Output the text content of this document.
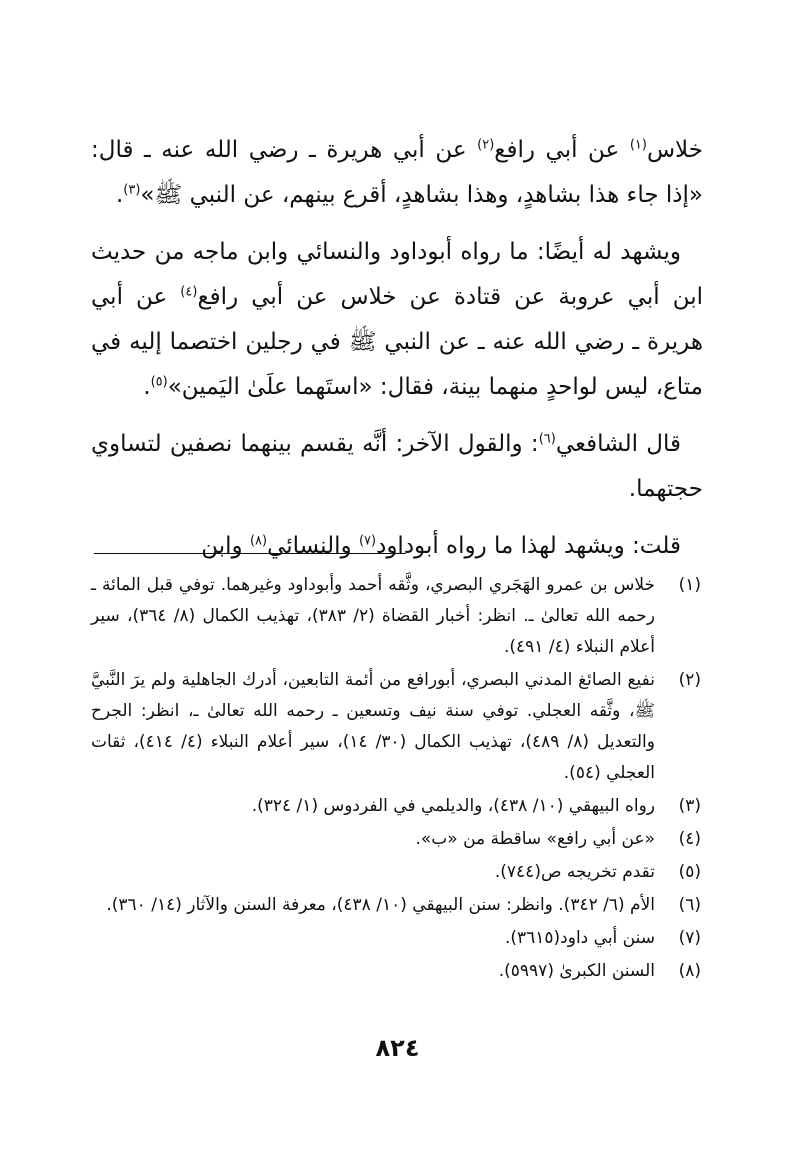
خلاس$^{(١)}$ عن أبي رافع$^{(٢)}$ عن أبي هريرة ـ رضي الله عنه ـ قال: «إذا جاء هذا بشاهدٍ، وهذا بشاهدٍ، أقرع بينهم، عن النبي ﷺ»$^{(٣)}$.

ويشهد له أيضًا: ما رواه أبوداود والنسائي وابن ماجه من حديث ابن أبي عروبة عن قتادة عن خلاس عن أبي رافع$^{(٤)}$ عن أبي هريرة ـ رضي الله عنه ـ عن النبي ﷺ في رجلين اختصما إليه في متاع، ليس لواحدٍ منهما بينة، فقال: «استَهما علَىٰ اليَمين»$^{(٥)}$.

قال الشافعي$^{(٦)}$: والقول الآخر: أنَّه يقسم بينهما نصفين لتساوي حجتهما.

قلت: ويشهد لهذا ما رواه أبوداود$^{(٧)}$ والنسائي$^{(٨)}$ وابن

(١)
خلاس بن عمرو الهَجَري البصري، وثَّقه أحمد وأبوداود وغيرهما. توفي قبل المائة ـ رحمه الله تعالىٰ ـ. انظر: أخبار القضاة (٢/ ٣٨٣)، تهذيب الكمال (٨/ ٣٦٤)، سير أعلام النبلاء (٤/ ٤٩١).
(٢)
نفيع الصائغ المدني البصري، أبورافع من أئمة التابعين، أدرك الجاهلية ولم يرَ النَّبيَّ ﷺ، وثَّقه العجلي. توفي سنة نيف وتسعين ـ رحمه الله تعالىٰ ـ، انظر: الجرح والتعديل (٨/ ٤٨٩)، تهذيب الكمال (٣٠/ ١٤)، سير أعلام النبلاء (٤/ ٤١٤)، ثقات العجلي (٥٤).
(٣)
رواه البيهقي (١٠/ ٤٣٨)، والديلمي في الفردوس (١/ ٣٢٤).
(٤)
«عن أبي رافع» ساقطة من «ب».
(٥)
تقدم تخريجه ص(٧٤٤).
(٦)
الأم (٦/ ٣٤٢). وانظر: سنن البيهقي (١٠/ ٤٣٨)، معرفة السنن والآثار (١٤/ ٣٦٠).
(٧)
سنن أبي داود(٣٦١٥).
(٨)
السنن الكبرىٰ (٥٩٩٧).
٨٢٤
